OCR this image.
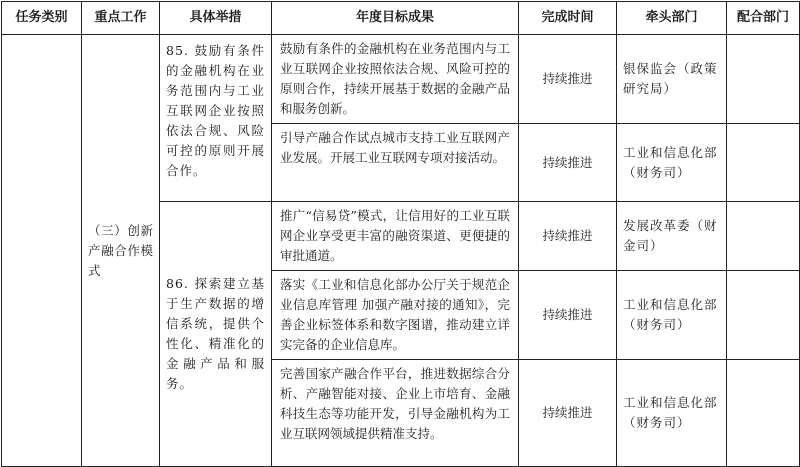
任务类别	重点工作	具体举措	年度目标成果	完成时间	牵头部门	配合部门
	（三）创新产融合作模式	85. 鼓励有条件的金融机构在业务范围内与工业互联网企业按照依法合规、风险可控的原则开展合作。	鼓励有条件的金融机构在业务范围内与工业互联网企业按照依法合规、风险可控的原则合作，持续开展基于数据的金融产品和服务创新。	持续推进	银保监会（政策研究局）	
			引导产融合作试点城市支持工业互联网产业发展。开展工业互联网专项对接活动。	持续推进	工业和信息化部（财务司）	
		86. 探索建立基于生产数据的增信系统，提供个性化、精准化的金融产品和服务。	推广“信易贷”模式，让信用好的工业互联网企业享受更丰富的融资渠道、更便捷的审批通道。	持续推进	发展改革委（财金司）	
			落实《工业和信息化部办公厅关于规范企业信息库管理 加强产融对接的通知》，完善企业标签体系和数字图谱，推动建立详实完备的企业信息库。	持续推进	工业和信息化部（财务司）	
			完善国家产融合作平台，推进数据综合分析、产融智能对接、企业上市培育、金融科技生态等功能开发，引导金融机构为工业互联网领域提供精准支持。	持续推进	工业和信息化部（财务司）	
